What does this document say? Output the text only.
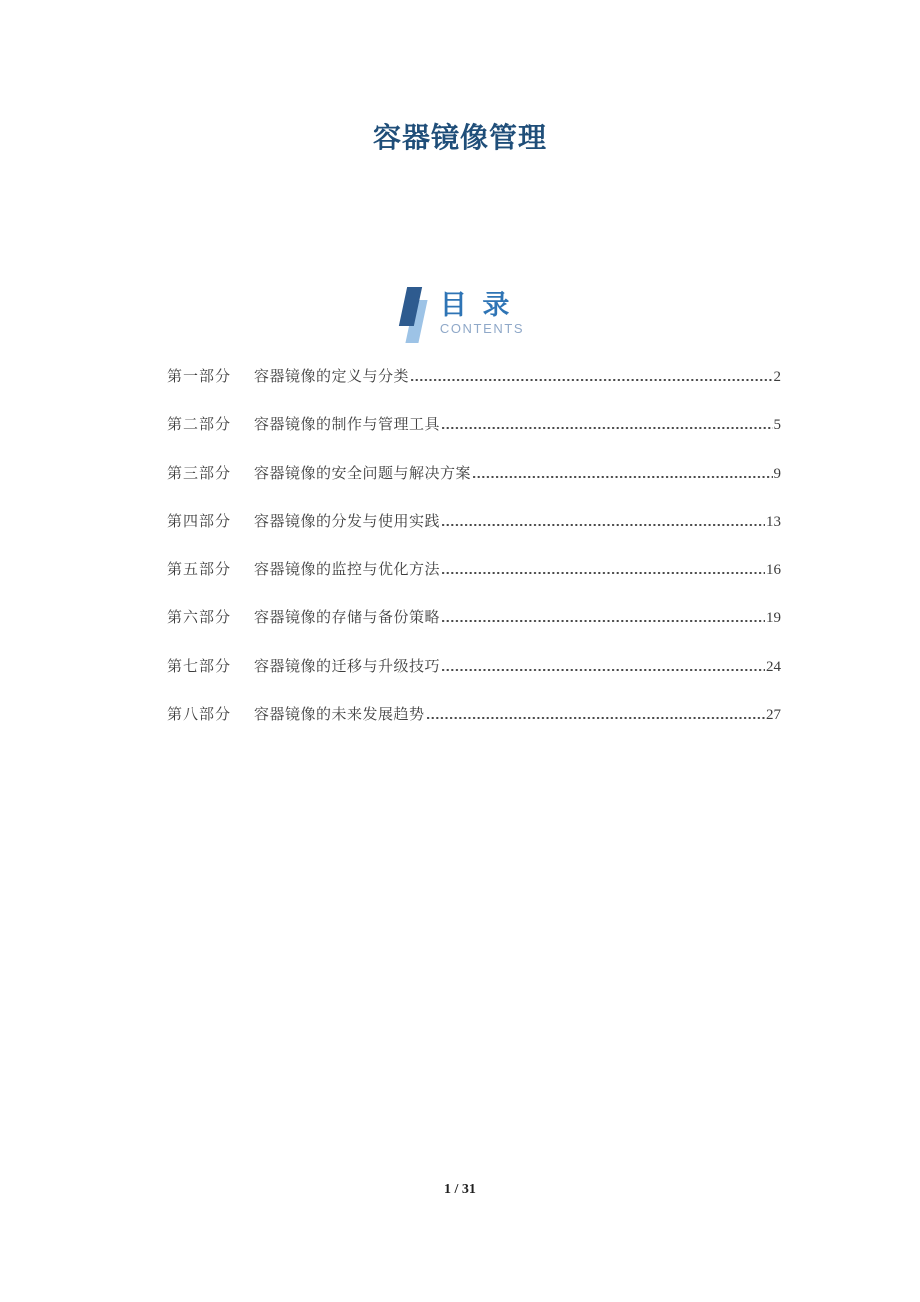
容器镜像管理
目 录
CONTENTS
第一部分 容器镜像的定义与分类	2
第二部分 容器镜像的制作与管理工具	5
第三部分 容器镜像的安全问题与解决方案	9
第四部分 容器镜像的分发与使用实践	13
第五部分 容器镜像的监控与优化方法	16
第六部分 容器镜像的存储与备份策略	19
第七部分 容器镜像的迁移与升级技巧	24
第八部分 容器镜像的未来发展趋势	27
1 / 31
